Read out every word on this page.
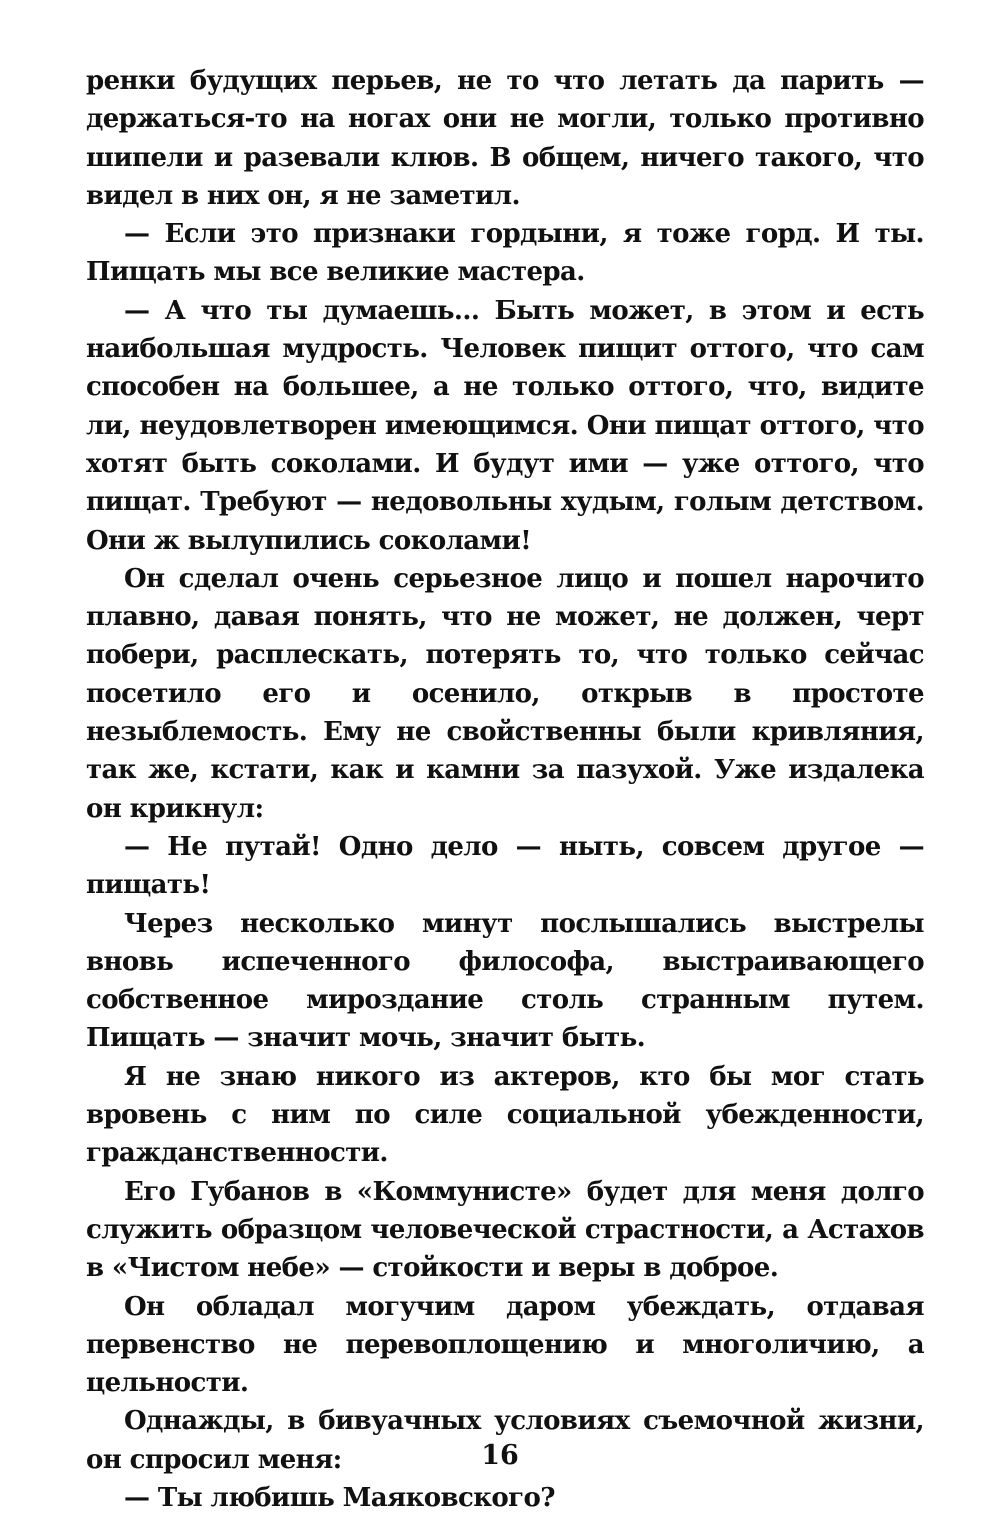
ренки будущих перьев, не то что летать да парить — держаться-то на ногах они не могли, только противно шипели и разевали клюв. В общем, ничего такого, что видел в них он, я не заметил.

— Если это признаки гордыни, я тоже горд. И ты. Пищать мы все великие мастера.

— А что ты думаешь... Быть может, в этом и есть наибольшая мудрость. Человек пищит оттого, что сам способен на большее, а не только оттого, что, видите ли, неудовлетворен имеющимся. Они пищат оттого, что хотят быть соколами. И будут ими — уже оттого, что пищат. Требуют — недовольны худым, голым детством. Они ж вылупились соколами!

Он сделал очень серьезное лицо и пошел нарочито плавно, давая понять, что не может, не должен, черт побери, расплескать, потерять то, что только сейчас посетило его и осенило, открыв в простоте незыблемость. Ему не свойственны были кривляния, так же, кстати, как и камни за пазухой. Уже издалека он крикнул:

— Не путай! Одно дело — ныть, совсем другое — пищать!

Через несколько минут послышались выстрелы вновь испеченного философа, выстраивающего собственное мироздание столь странным путем. Пищать — значит мочь, значит быть.

Я не знаю никого из актеров, кто бы мог стать вровень с ним по силе социальной убежденности, гражданственности.

Его Губанов в «Коммунисте» будет для меня долго служить образцом человеческой страстности, а Астахов в «Чистом небе» — стойкости и веры в доброе.

Он обладал могучим даром убеждать, отдавая первенство не перевоплощению и многоличию, а цельности.

Однажды, в бивуачных условиях съемочной жизни, он спросил меня:

— Ты любишь Маяковского?

16
